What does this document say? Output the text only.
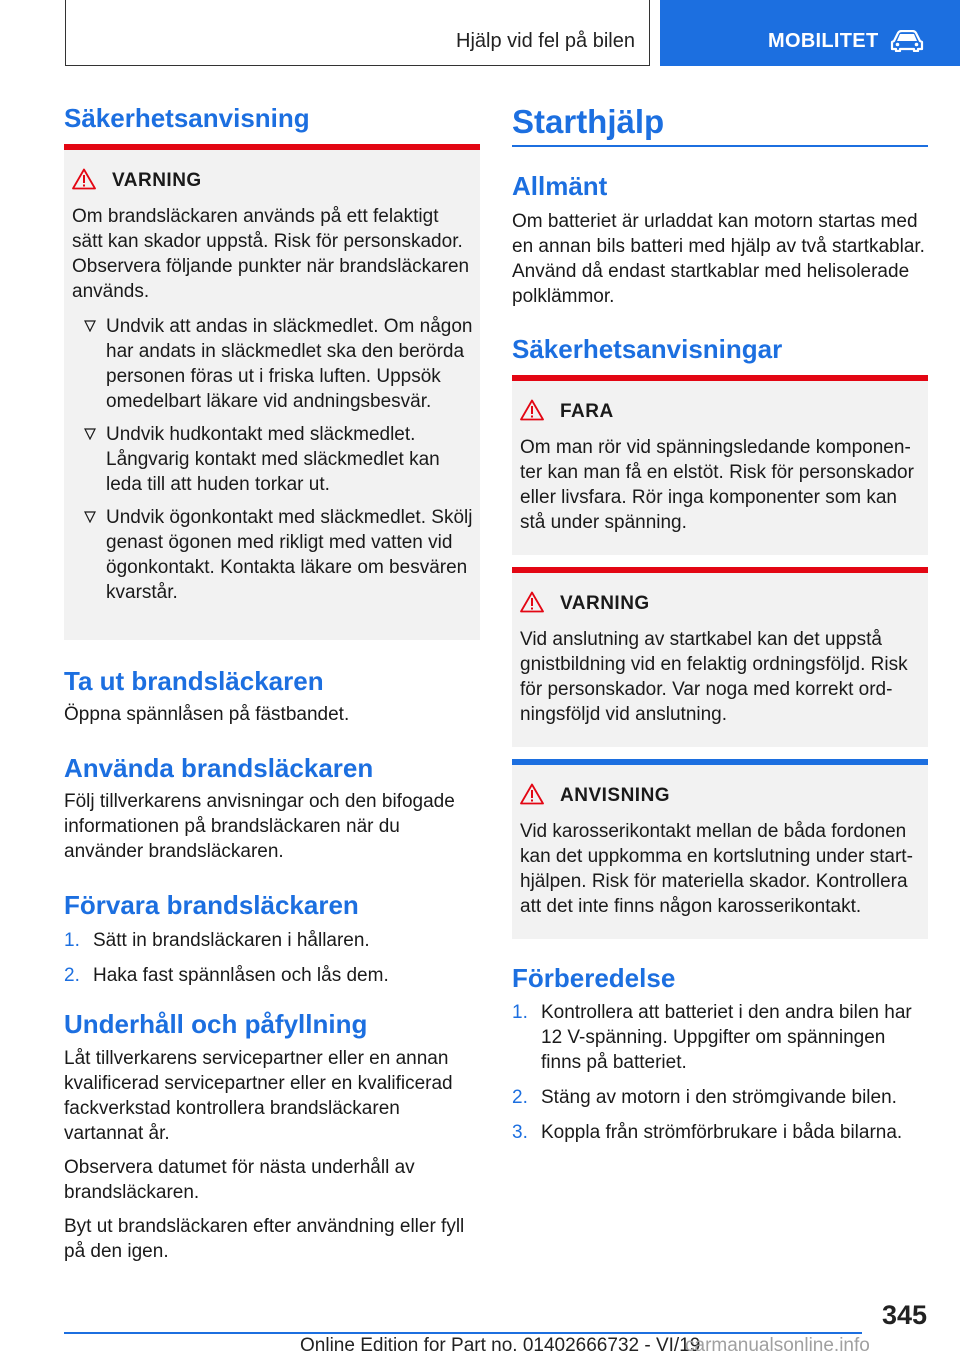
Hjälp vid fel på bilen	MOBILITET
Säkerhetsanvisning
VARNING
Om brandsläckaren används på ett felaktigt sätt kan skador uppstå. Risk för personskador. Observera följande punkter när brandsläckaren används.
Undvik att andas in släckmedlet. Om någon har andats in släckmedlet ska den berörda personen föras ut i friska luften. Uppsök omedelbart läkare vid andningsbesvär.
Undvik hudkontakt med släckmedlet. Långvarig kontakt med släckmedlet kan leda till att huden torkar ut.
Undvik ögonkontakt med släckmedlet. Skölj genast ögonen med rikligt med vatten vid ögonkontakt. Kontakta läkare om besvären kvarstår.
Ta ut brandsläckaren
Öppna spännlåsen på fästbandet.
Använda brandsläckaren
Följ tillverkarens anvisningar och den bifogade informationen på brandsläckaren när du använder brandsläckaren.
Förvara brandsläckaren
1. Sätt in brandsläckaren i hållaren.
2. Haka fast spännlåsen och lås dem.
Underhåll och påfyllning
Låt tillverkarens servicepartner eller en annan kvalificerad servicepartner eller en kvalificerad fackverkstad kontrollera brandsläckaren vartannat år.
Observera datumet för nästa underhåll av brandsläckaren.
Byt ut brandsläckaren efter användning eller fyll på den igen.
Starthjälp
Allmänt
Om batteriet är urladdat kan motorn startas med en annan bils batteri med hjälp av två startkablar. Använd då endast startkablar med helisolerade polklämmor.
Säkerhetsanvisningar
FARA
Om man rör vid spänningsledande komponenter kan man få en elstöt. Risk för personskador eller livsfara. Rör inga komponenter som kan stå under spänning.
VARNING
Vid anslutning av startkabel kan det uppstå gnistbildning vid en felaktig ordningsföljd. Risk för personskador. Var noga med korrekt ordningsföljd vid anslutning.
ANVISNING
Vid karosserikontakt mellan de båda fordonen kan det uppkomma en kortslutning under starthjälpen. Risk för materiella skador. Kontrollera att det inte finns någon karosserikontakt.
Förberedelse
1. Kontrollera att batteriet i den andra bilen har 12 V-spänning. Uppgifter om spänningen finns på batteriet.
2. Stäng av motorn i den strömgivande bilen.
3. Koppla från strömförbrukare i båda bilarna.
345
Online Edition for Part no. 01402666732 - VI/19
carmanualsonline.info
